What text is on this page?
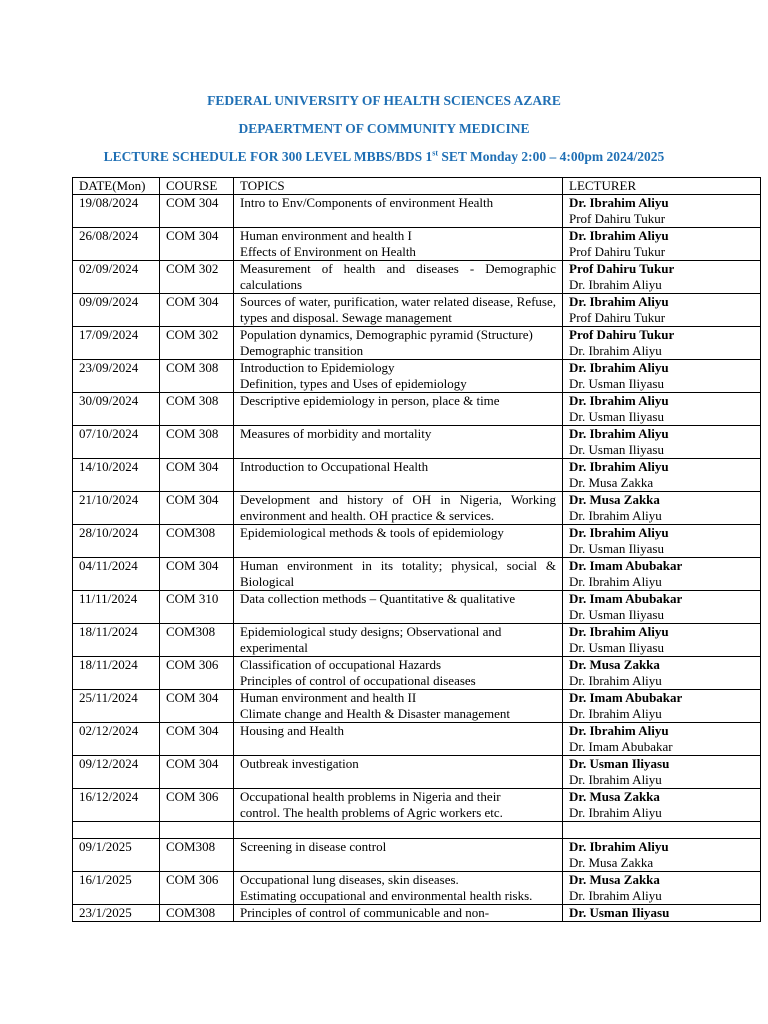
FEDERAL UNIVERSITY OF HEALTH SCIENCES AZARE

DEPAERTMENT OF COMMUNITY MEDICINE

LECTURE SCHEDULE FOR 300 LEVEL MBBS/BDS 1st SET Monday 2:00 – 4:00pm 2024/2025

DATE(Mon)	COURSE	TOPICS	LECTURER
19/08/2024	COM 304	Intro to Env/Components of environment Health	Dr. Ibrahim Aliyu
Prof Dahiru Tukur

26/08/2024	COM 304	Human environment and health I
Effects of Environment on Health	Dr. Ibrahim Aliyu
Prof Dahiru Tukur

02/09/2024	COM 302	Measurement of health and diseases - Demographic calculations	Prof Dahiru Tukur
Dr. Ibrahim Aliyu

09/09/2024	COM 304	Sources of water, purification, water related disease, Refuse, types and disposal. Sewage management	Dr. Ibrahim Aliyu
Prof Dahiru Tukur

17/09/2024	COM 302	Population dynamics, Demographic pyramid (Structure)
Demographic transition	Prof Dahiru Tukur
Dr. Ibrahim Aliyu

23/09/2024	COM 308	Introduction to Epidemiology
Definition, types and Uses of epidemiology	Dr. Ibrahim Aliyu
Dr. Usman Iliyasu

30/09/2024	COM 308	Descriptive epidemiology in person, place & time	Dr. Ibrahim Aliyu
Dr. Usman Iliyasu

07/10/2024	COM 308	Measures of morbidity and mortality	Dr. Ibrahim Aliyu
Dr. Usman Iliyasu

14/10/2024	COM 304	Introduction to Occupational Health	Dr. Ibrahim Aliyu
Dr. Musa Zakka

21/10/2024	COM 304	Development and history of OH in Nigeria, Working environment and health. OH practice & services.	Dr. Musa Zakka
Dr. Ibrahim Aliyu

28/10/2024	COM308	Epidemiological methods & tools of epidemiology	Dr. Ibrahim Aliyu
Dr. Usman Iliyasu

04/11/2024	COM 304	Human environment in its totality; physical, social & Biological	Dr. Imam Abubakar
Dr. Ibrahim Aliyu

11/11/2024	COM 310	Data collection methods – Quantitative & qualitative	Dr. Imam Abubakar
Dr. Usman Iliyasu

18/11/2024	COM308	Epidemiological study designs; Observational and
experimental	Dr. Ibrahim Aliyu
Dr. Usman Iliyasu

18/11/2024	COM 306	Classification of occupational Hazards
Principles of control of occupational diseases	Dr. Musa Zakka
Dr. Ibrahim Aliyu

25/11/2024	COM 304	Human environment and health II
Climate change and Health & Disaster management	Dr. Imam Abubakar
Dr. Ibrahim Aliyu

02/12/2024	COM 304	Housing and Health	Dr. Ibrahim Aliyu
Dr. Imam Abubakar

09/12/2024	COM 304	Outbreak investigation	Dr. Usman Iliyasu
Dr. Ibrahim Aliyu

16/12/2024	COM 306	Occupational health problems in Nigeria and their
control. The health problems of Agric workers etc.	Dr. Musa Zakka
Dr. Ibrahim Aliyu

09/1/2025	COM308	Screening in disease control	Dr. Ibrahim Aliyu
Dr. Musa Zakka

16/1/2025	COM 306	Occupational lung diseases, skin diseases.
Estimating occupational and environmental health risks.	Dr. Musa Zakka
Dr. Ibrahim Aliyu

23/1/2025	COM308	Principles of control of communicable and non-	Dr. Usman Iliyasu
